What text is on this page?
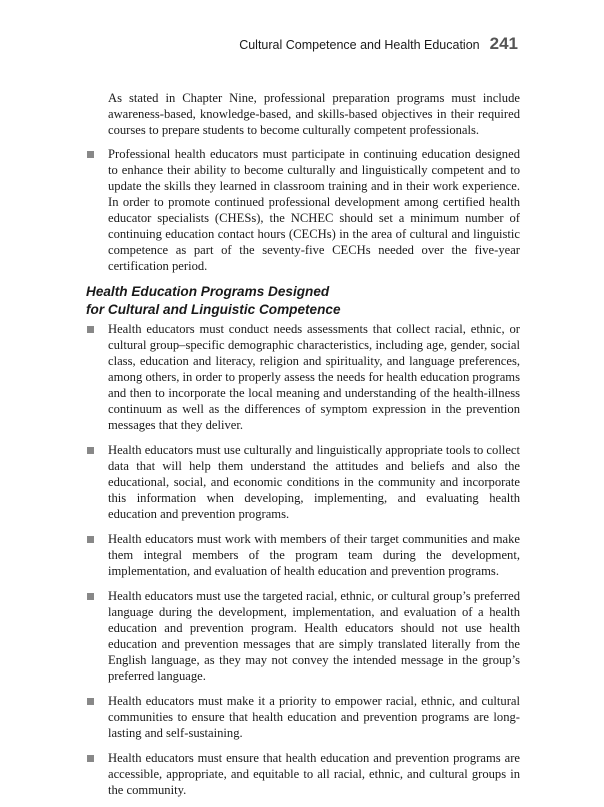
Cultural Competence and Health Education 241

As stated in Chapter Nine, professional preparation programs must include awareness-based, knowledge-based, and skills-based objectives in their required courses to prepare students to become culturally competent professionals.

Professional health educators must participate in continuing education designed to enhance their ability to become culturally and linguistically competent and to update the skills they learned in classroom training and in their work experience. In order to promote continued professional development among certified health educator specialists (CHESs), the NCHEC should set a minimum number of continuing education contact hours (CECHs) in the area of cultural and linguistic competence as part of the seventy-five CECHs needed over the five-year certification period.
Health Education Programs Designed
for Cultural and Linguistic Competence
Health educators must conduct needs assessments that collect racial, ethnic, or cultural group–specific demographic characteristics, including age, gender, social class, education and literacy, religion and spirituality, and language preferences, among others, in order to properly assess the needs for health education programs and then to incorporate the local meaning and understanding of the health-illness continuum as well as the differences of symptom expression in the prevention messages that they deliver.
Health educators must use culturally and linguistically appropriate tools to collect data that will help them understand the attitudes and beliefs and also the educational, social, and economic conditions in the community and incorporate this information when developing, implementing, and evaluating health education and prevention programs.
Health educators must work with members of their target communities and make them integral members of the program team during the development, implementation, and evaluation of health education and prevention programs.
Health educators must use the targeted racial, ethnic, or cultural group’s preferred language during the development, implementation, and evaluation of a health education and prevention program. Health educators should not use health education and prevention messages that are simply translated literally from the English language, as they may not convey the intended message in the group’s preferred language.
Health educators must make it a priority to empower racial, ethnic, and cultural communities to ensure that health education and prevention programs are long-lasting and self-sustaining.
Health educators must ensure that health education and prevention programs are accessible, appropriate, and equitable to all racial, ethnic, and cultural groups in the community.
